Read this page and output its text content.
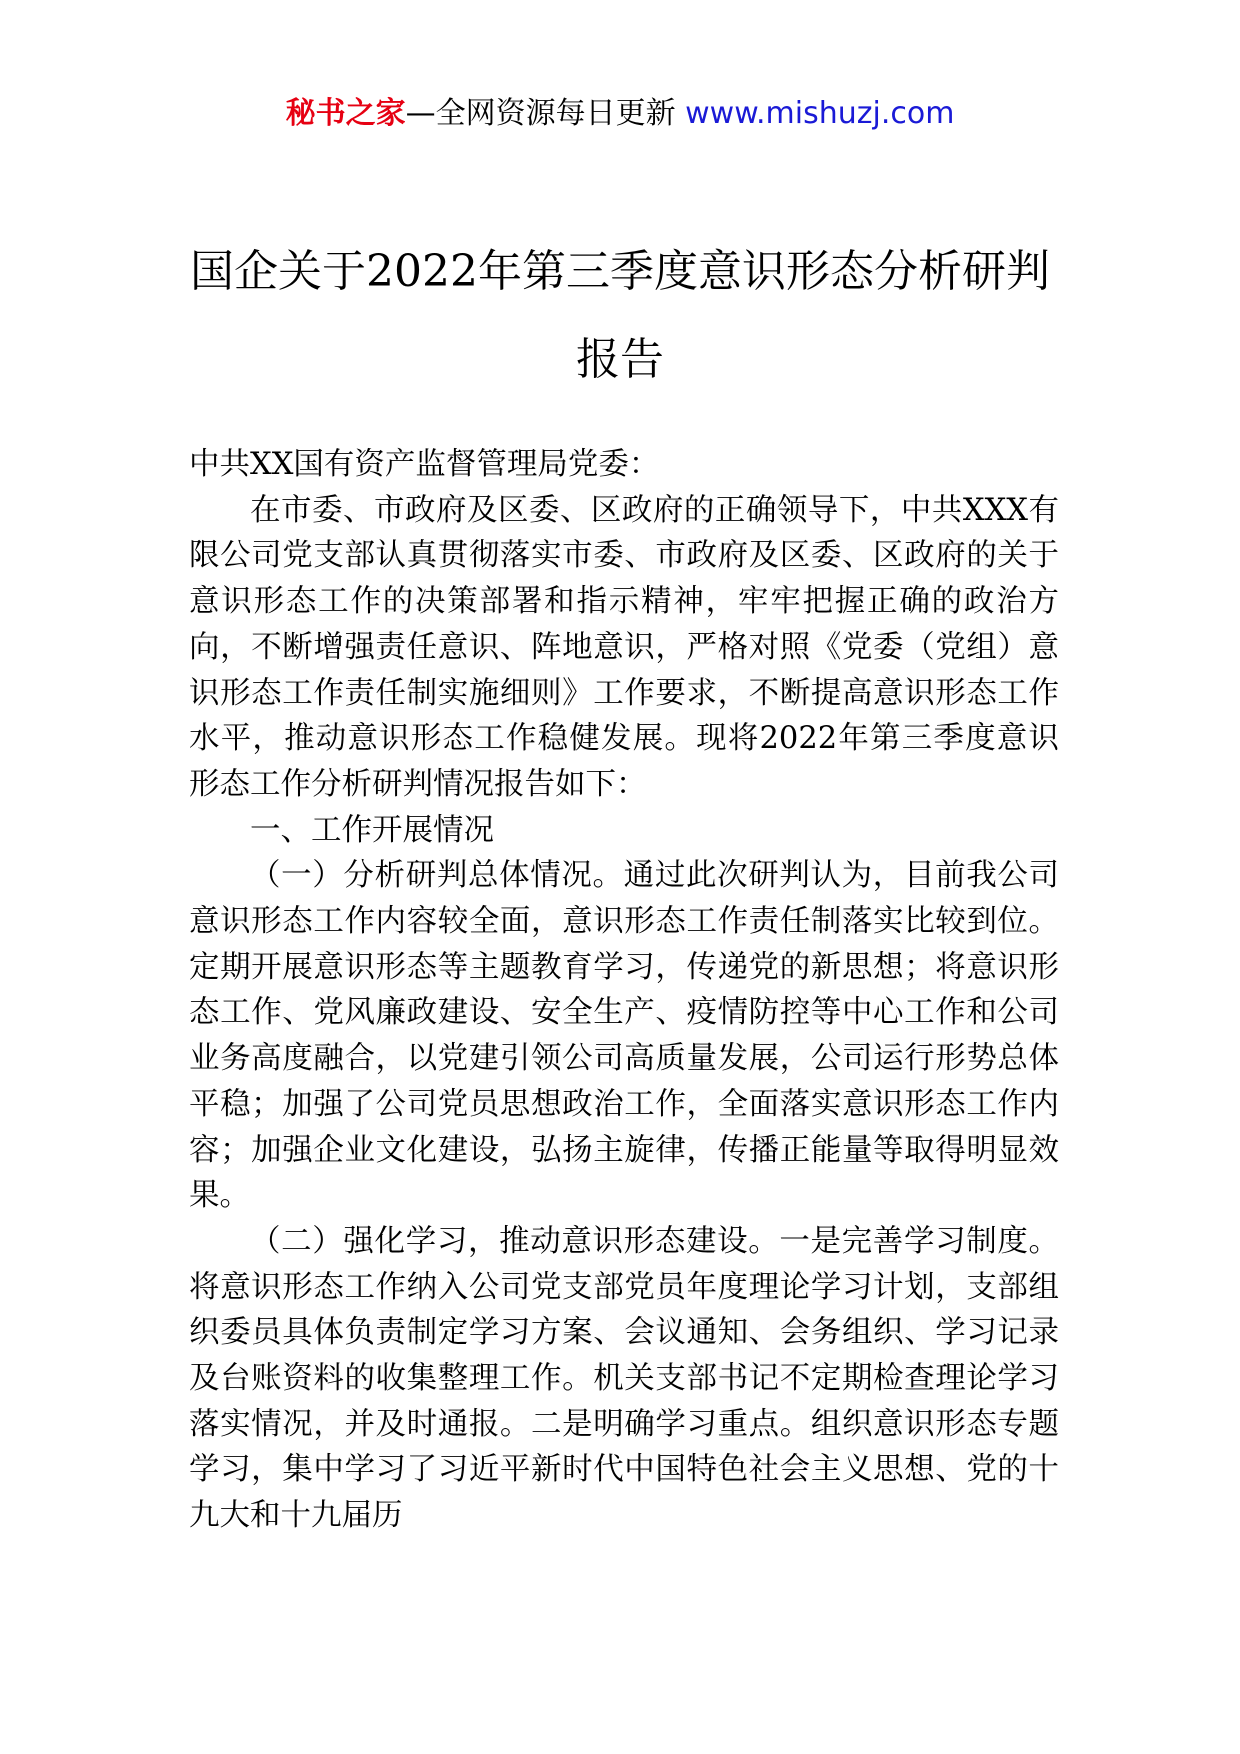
秘书之家—全网资源每日更新 www.mishuzj.com
国企关于2022年第三季度意识形态分析研判报告

中共XX国有资产监督管理局党委：

在市委、市政府及区委、区政府的正确领导下，中共XXX有限公司党支部认真贯彻落实市委、市政府及区委、区政府的关于意识形态工作的决策部署和指示精神，牢牢把握正确的政治方向，不断增强责任意识、阵地意识，严格对照《党委（党组）意识形态工作责任制实施细则》工作要求，不断提高意识形态工作水平，推动意识形态工作稳健发展。现将2022年第三季度意识形态工作分析研判情况报告如下：

一、工作开展情况

（一）分析研判总体情况。通过此次研判认为，目前我公司意识形态工作内容较全面，意识形态工作责任制落实比较到位。定期开展意识形态等主题教育学习，传递党的新思想；将意识形态工作、党风廉政建设、安全生产、疫情防控等中心工作和公司业务高度融合，以党建引领公司高质量发展，公司运行形势总体平稳；加强了公司党员思想政治工作，全面落实意识形态工作内容；加强企业文化建设，弘扬主旋律，传播正能量等取得明显效果。

（二）强化学习，推动意识形态建设。一是完善学习制度。将意识形态工作纳入公司党支部党员年度理论学习计划，支部组织委员具体负责制定学习方案、会议通知、会务组织、学习记录及台账资料的收集整理工作。机关支部书记不定期检查理论学习落实情况，并及时通报。二是明确学习重点。组织意识形态专题学习，集中学习了习近平新时代中国特色社会主义思想、党的十九大和十九届历
